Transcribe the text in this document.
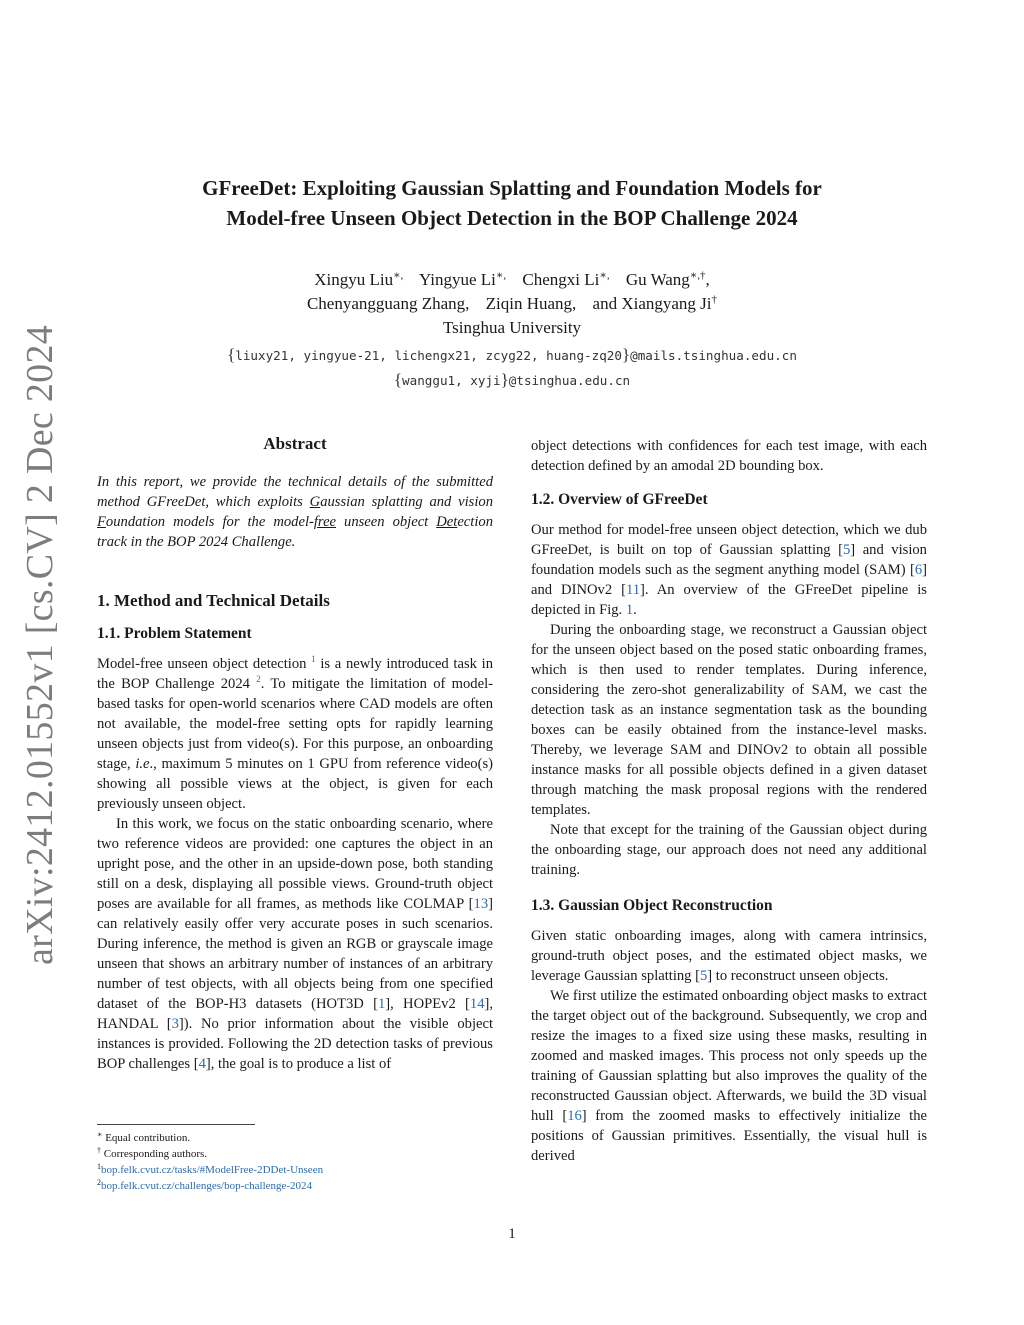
arXiv:2412.01552v1 [cs.CV] 2 Dec 2024
GFreeDet: Exploiting Gaussian Splatting and Foundation Models for
Model-free Unseen Object Detection in the BOP Challenge 2024
Xingyu Liu∗, Yingyue Li∗, Chengxi Li∗, Gu Wang∗,†,
Chenyangguang Zhang, Ziqin Huang, and Xiangyang Ji†
Tsinghua University
{liuxy21, yingyue-21, lichengx21, zcyg22, huang-zq20}@mails.tsinghua.edu.cn
{wanggu1, xyji}@tsinghua.edu.cn
Abstract

In this report, we provide the technical details of the submitted method GFreeDet, which exploits Gaussian splatting and vision Foundation models for the model-free unseen object Detection track in the BOP 2024 Challenge.

1. Method and Technical Details
1.1. Problem Statement

Model-free unseen object detection $^1$ is a newly introduced task in the BOP Challenge 2024 $^2$. To mitigate the limitation of model-based tasks for open-world scenarios where CAD models are often not available, the model-free setting opts for rapidly learning unseen objects just from video(s). For this purpose, an onboarding stage, i.e., maximum 5 minutes on 1 GPU from reference video(s) showing all possible views at the object, is given for each previously unseen object.

In this work, we focus on the static onboarding scenario, where two reference videos are provided: one captures the object in an upright pose, and the other in an upside-down pose, both standing still on a desk, displaying all possible views. Ground-truth object poses are available for all frames, as methods like COLMAP [13] can relatively easily offer very accurate poses in such scenarios. During inference, the method is given an RGB or grayscale image unseen that shows an arbitrary number of instances of an arbitrary number of test objects, with all objects being from one specified dataset of the BOP-H3 datasets (HOT3D [1], HOPEv2 [14], HANDAL [3]). No prior information about the visible object instances is provided. Following the 2D detection tasks of previous BOP challenges [4], the goal is to produce a list of

object detections with confidences for each test image, with each detection defined by an amodal 2D bounding box.

1.2. Overview of GFreeDet

Our method for model-free unseen object detection, which we dub GFreeDet, is built on top of Gaussian splatting [5] and vision foundation models such as the segment anything model (SAM) [6] and DINOv2 [11]. An overview of the GFreeDet pipeline is depicted in Fig. 1.

During the onboarding stage, we reconstruct a Gaussian object for the unseen object based on the posed static onboarding frames, which is then used to render templates. During inference, considering the zero-shot generalizability of SAM, we cast the detection task as an instance segmentation task as the bounding boxes can be easily obtained from the instance-level masks. Thereby, we leverage SAM and DINOv2 to obtain all possible instance masks for all possible objects defined in a given dataset through matching the mask proposal regions with the rendered templates.

Note that except for the training of the Gaussian object during the onboarding stage, our approach does not need any additional training.

1.3. Gaussian Object Reconstruction

Given static onboarding images, along with camera intrinsics, ground-truth object poses, and the estimated object masks, we leverage Gaussian splatting [5] to reconstruct unseen objects.

We first utilize the estimated onboarding object masks to extract the target object out of the background. Subsequently, we crop and resize the images to a fixed size using these masks, resulting in zoomed and masked images. This process not only speeds up the training of Gaussian splatting but also improves the quality of the reconstructed Gaussian object. Afterwards, we build the 3D visual hull [16] from the zoomed masks to effectively initialize the positions of Gaussian primitives. Essentially, the visual hull is derived

∗ Equal contribution.
† Corresponding authors.
$^1$bop.felk.cvut.cz/tasks/#ModelFree-2DDet-Unseen
$^2$bop.felk.cvut.cz/challenges/bop-challenge-2024
1
